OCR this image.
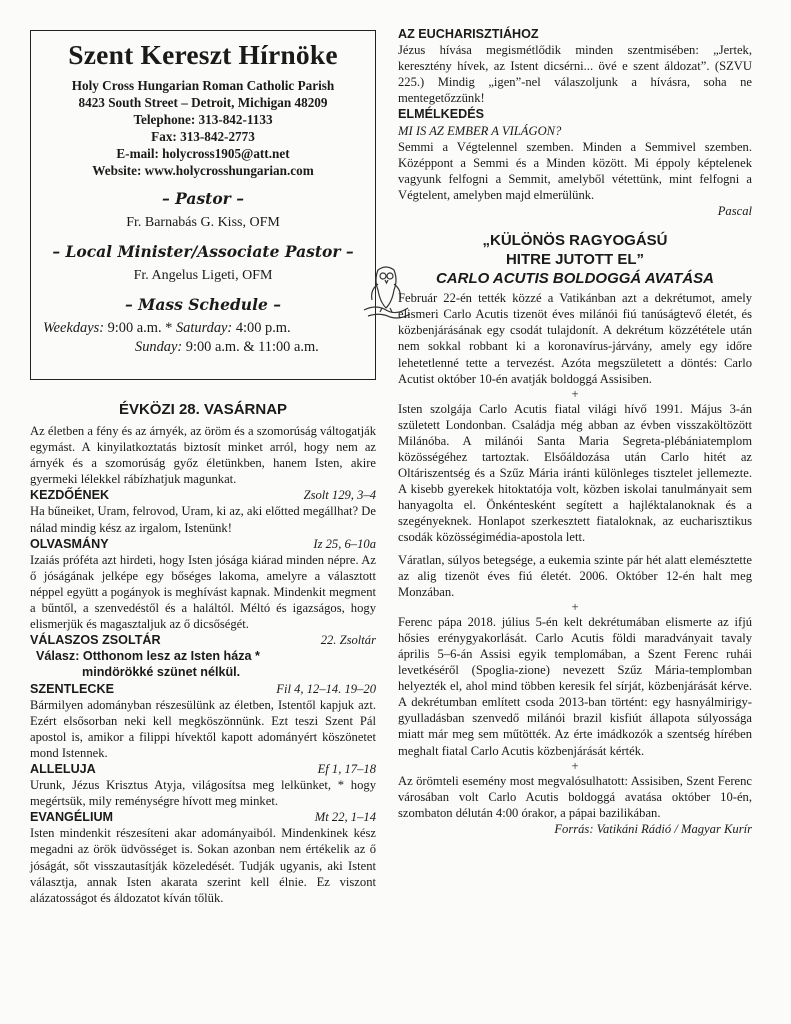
Szent Kereszt Hírnöke
Holy Cross Hungarian Roman Catholic Parish
8423 South Street – Detroit, Michigan 48209
Telephone: 313-842-1133
Fax: 313-842-2773
E-mail: holycross1905@att.net
Website: www.holycrosshungarian.com
– Pastor –
Fr. Barnabás G. Kiss, OFM
– Local Minister/Associate Pastor –
Fr. Angelus Ligeti, OFM
– Mass Schedule –
Weekdays: 9:00 a.m. * Saturday: 4:00 p.m.
Sunday: 9:00 a.m. & 11:00 a.m.
ÉVKÖZI 28. VASÁRNAP

Az életben a fény és az árnyék, az öröm és a szomorúság váltogatják egymást. A kinyilatkoztatás biztosít minket arról, hogy nem az árnyék és a szomorúság győz életünkben, hanem Isten, akire gyermeki lélekkel rábízhatjuk magunkat.

KEZDŐÉNEK	Zsolt 129, 3–4

Ha bűneiket, Uram, felrovod, Uram, ki az, aki előtted megállhat? De nálad mindig kész az irgalom, Istenünk!

OLVASMÁNY	Iz 25, 6–10a

Izaiás próféta azt hirdeti, hogy Isten jósága kiárad minden népre. Az ő jóságának jelképe egy bőséges lakoma, amelyre a választott néppel együtt a pogányok is meghívást kapnak. Mindenkit megment a bűntől, a szenvedéstől és a haláltól. Méltó és igazságos, hogy elismerjük és magasztaljuk az ő dicsőségét.

VÁLASZOS ZSOLTÁR	22. Zsoltár
Válasz: Otthonom lesz az Isten háza *
mindörökké szünet nélkül.
SZENTLECKE	Fil 4, 12–14. 19–20

Bármilyen adományban részesülünk az életben, Istentől kapjuk azt. Ezért elsősorban neki kell megköszönnünk. Ezt teszi Szent Pál apostol is, amikor a filippi hívektől kapott adományért köszönetet mond Istennek.

ALLELUJA	Ef 1, 17–18

Urunk, Jézus Krisztus Atyja, világosítsa meg lelkünket, * hogy megértsük, mily reménységre hívott meg minket.

EVANGÉLIUM	Mt 22, 1–14

Isten mindenkit részesíteni akar adományaiból. Mindenkinek kész megadni az örök üdvösséget is. Sokan azonban nem értékelik az ő jóságát, sőt visszautasítják közeledését. Tudják ugyanis, aki Istent választja, annak Isten akarata szerint kell élnie. Ez viszont alázatosságot és áldozatot kíván tőlük.

AZ EUCHARISZTIÁHOZ

Jézus hívása megismétlődik minden szentmisében: „Jertek, keresztény hívek, az Istent dicsérni... övé e szent áldozat”. (SZVU 225.) Mindig „igen”-nel válaszoljunk a hívásra, soha ne mentegetőzzünk!

ELMÉLKEDÉS
MI IS AZ EMBER A VILÁGON?

Semmi a Végtelennel szemben. Minden a Semmivel szemben. Középpont a Semmi és a Minden között. Mi éppoly képtelenek vagyunk felfogni a Semmit, amelyből vétettünk, mint felfogni a Végtelent, amelyben majd elmerülünk.

Pascal
„KÜLÖNÖS RAGYOGÁSÚ
HITRE JUTOTT EL”
CARLO ACUTIS BOLDOGGÁ AVATÁSA

Február 22-én tették közzé a Vatikánban azt a dekrétumot, amely elismeri Carlo Acutis tizenöt éves milánói fiú tanúságtevő életét, és közbenjárásának egy csodát tulajdonít. A dekrétum közzététele után nem sokkal robbant ki a koronavírus-járvány, amely egy időre lehetetlenné tette a tervezést. Azóta megszületett a döntés: Carlo Acutist október 10-én avatják boldoggá Assisiben.

+

Isten szolgája Carlo Acutis fiatal világi hívő 1991. Május 3-án született Londonban. Családja még abban az évben visszaköltözött Milánóba. A milánói Santa Maria Segreta-plébániatemplom közösségéhez tartoztak. Elsőáldozása után Carlo hitét az Oltáriszentség és a Szűz Mária iránti különleges tisztelet jellemezte. A kisebb gyerekek hitoktatója volt, közben iskolai tanulmányait sem hanyagolta el. Önkéntesként segített a hajléktalanoknak és a szegényeknek. Honlapot szerkesztett fiataloknak, az eucharisztikus csodák közösségimédia-apostola lett.

Váratlan, súlyos betegsége, a eukemia szinte pár hét alatt elemésztette az alig tizenöt éves fiú életét. 2006. Október 12-én halt meg Monzában.

+

Ferenc pápa 2018. július 5-én kelt dekrétumában elismerte az ifjú hősies erénygyakorlását. Carlo Acutis földi maradványait tavaly április 5–6-án Assisi egyik templomában, a Szent Ferenc ruhái levetkéséről (Spoglia-zione) nevezett Szűz Mária-templomban helyezték el, ahol mind többen keresik fel sírját, közbenjárását kérve. A dekrétumban említett csoda 2013-ban történt: egy hasnyálmirigy-gyulladásban szenvedő milánói brazil kisfiút állapota súlyossága miatt már meg sem műtötték. Az érte imádkozók a szentség hírében meghalt fiatal Carlo Acutis közbenjárását kérték.

+

Az örömteli esemény most megvalósulhatott: Assisiben, Szent Ferenc városában volt Carlo Acutis boldoggá avatása október 10-én, szombaton délután 4:00 órakor, a pápai bazilikában.

Forrás: Vatikáni Rádió / Magyar Kurír
